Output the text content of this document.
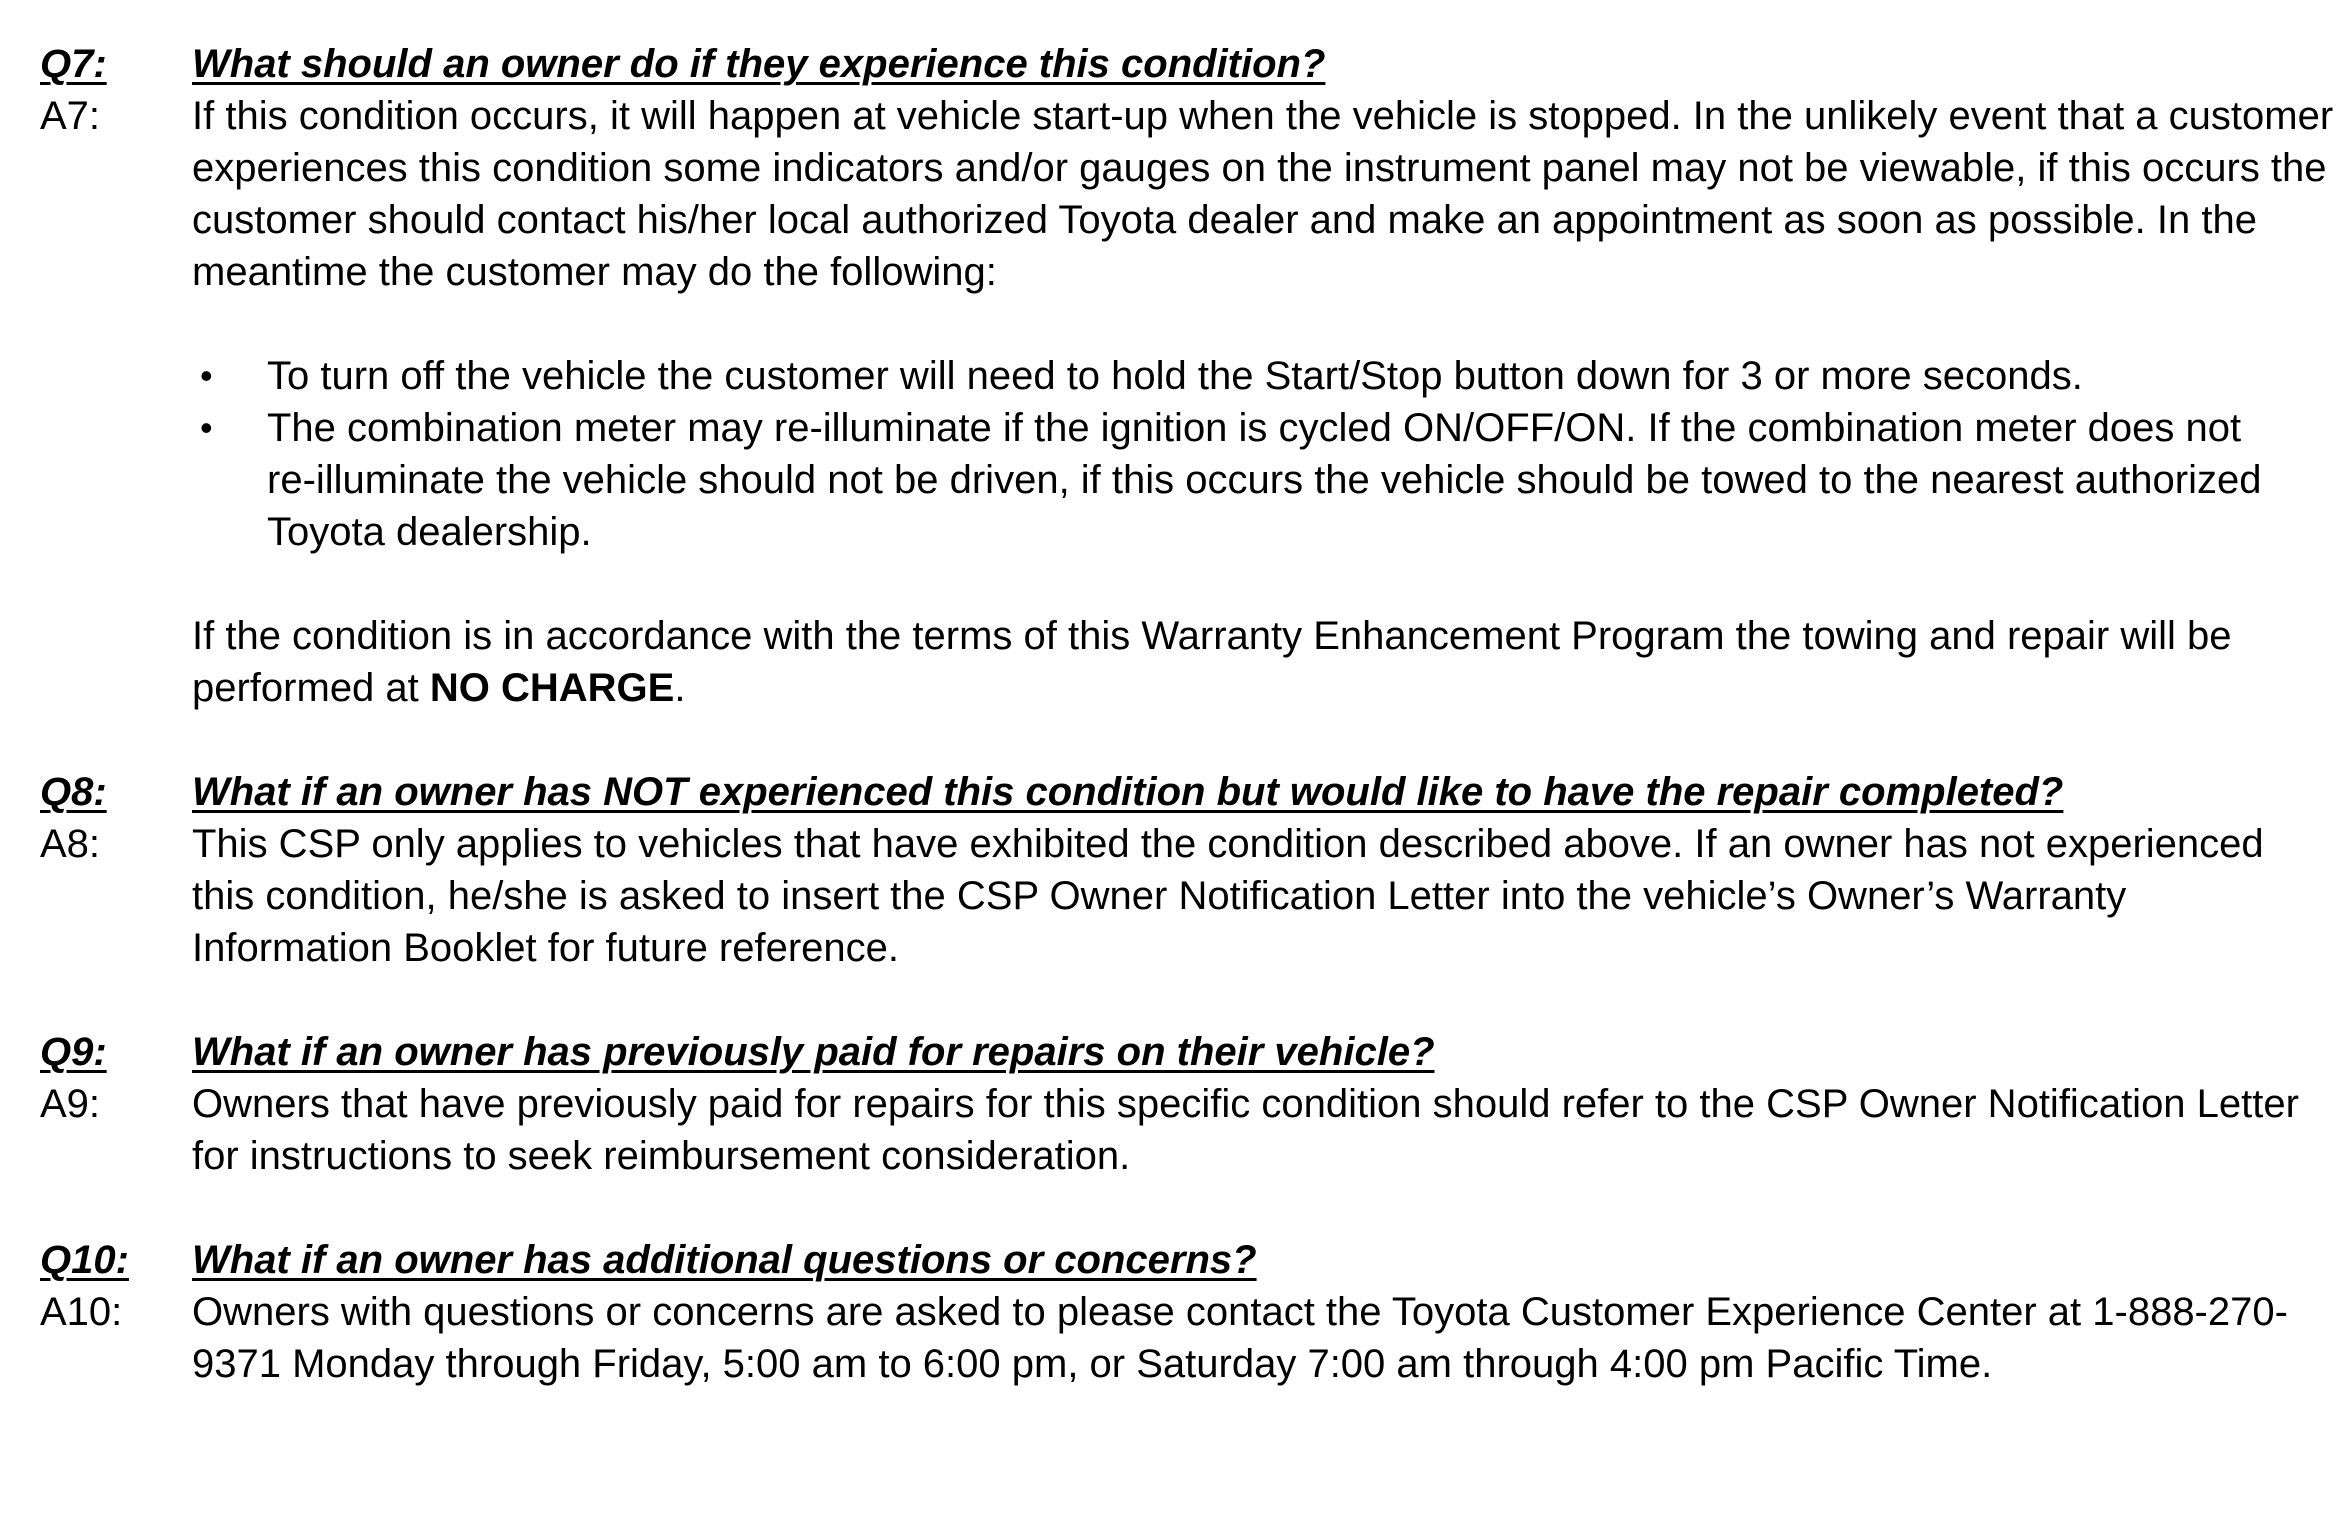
Q7:	What should an owner do if they experience this condition?
A7:	If this condition occurs, it will happen at vehicle start-up when the vehicle is stopped. In the unlikely event that a customer experiences this condition some indicators and/or gauges on the instrument panel may not be viewable, if this occurs the customer should contact his/her local authorized Toyota dealer and make an appointment as soon as possible. In the meantime the customer may do the following:
•	To turn off the vehicle the customer will need to hold the Start/Stop button down for 3 or more seconds.
•	The combination meter may re-illuminate if the ignition is cycled ON/OFF/ON. If the combination meter does not re-illuminate the vehicle should not be driven, if this occurs the vehicle should be towed to the nearest authorized Toyota dealership.
If the condition is in accordance with the terms of this Warranty Enhancement Program the towing and repair will be performed at NO CHARGE.
Q8:	What if an owner has NOT experienced this condition but would like to have the repair completed?
A8:	This CSP only applies to vehicles that have exhibited the condition described above. If an owner has not experienced this condition, he/she is asked to insert the CSP Owner Notification Letter into the vehicle’s Owner’s Warranty Information Booklet for future reference.
Q9:	What if an owner has previously paid for repairs on their vehicle?
A9:	Owners that have previously paid for repairs for this specific condition should refer to the CSP Owner Notification Letter for instructions to seek reimbursement consideration.
Q10:	What if an owner has additional questions or concerns?
A10:	Owners with questions or concerns are asked to please contact the Toyota Customer Experience Center at 1-888-270-9371 Monday through Friday, 5:00 am to 6:00 pm, or Saturday 7:00 am through 4:00 pm Pacific Time.
